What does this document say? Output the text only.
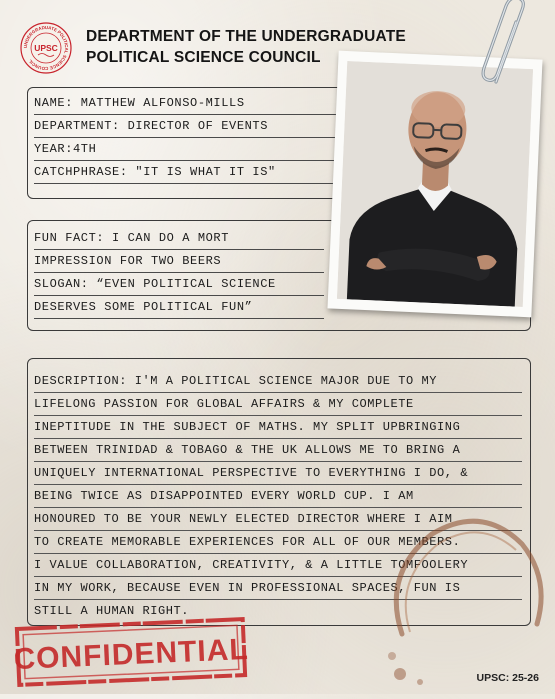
UNDERGRADUATE POLITICAL SCIENCE COUNCIL
UPSC
DEPARTMENT OF THE UNDERGRADUATE
POLITICAL SCIENCE COUNCIL
NAME: MATTHEW ALFONSO-MILLS
DEPARTMENT: DIRECTOR OF EVENTS
YEAR:4TH
CATCHPHRASE: "IT IS WHAT IT IS"
FUN FACT: I CAN DO A MORT
IMPRESSION FOR TWO BEERS
SLOGAN: “EVEN POLITICAL SCIENCE
DESERVES SOME POLITICAL FUN”
DESCRIPTION: I'M A POLITICAL SCIENCE MAJOR DUE TO MY
LIFELONG PASSION FOR GLOBAL AFFAIRS & MY COMPLETE
INEPTITUDE IN THE SUBJECT OF MATHS. MY SPLIT UPBRINGING
BETWEEN TRINIDAD & TOBAGO & THE UK ALLOWS ME TO BRING A
UNIQUELY INTERNATIONAL PERSPECTIVE TO EVERYTHING I DO, &
BEING TWICE AS DISAPPOINTED EVERY WORLD CUP. I AM
HONOURED TO BE YOUR NEWLY ELECTED DIRECTOR WHERE I AIM
TO CREATE MEMORABLE EXPERIENCES FOR ALL OF OUR MEMBERS.
I VALUE COLLABORATION, CREATIVITY, & A LITTLE TOMFOOLERY
IN MY WORK, BECAUSE EVEN IN PROFESSIONAL SPACES, FUN IS
STILL A HUMAN RIGHT.
CONFIDENTIAL
UPSC: 25-26
